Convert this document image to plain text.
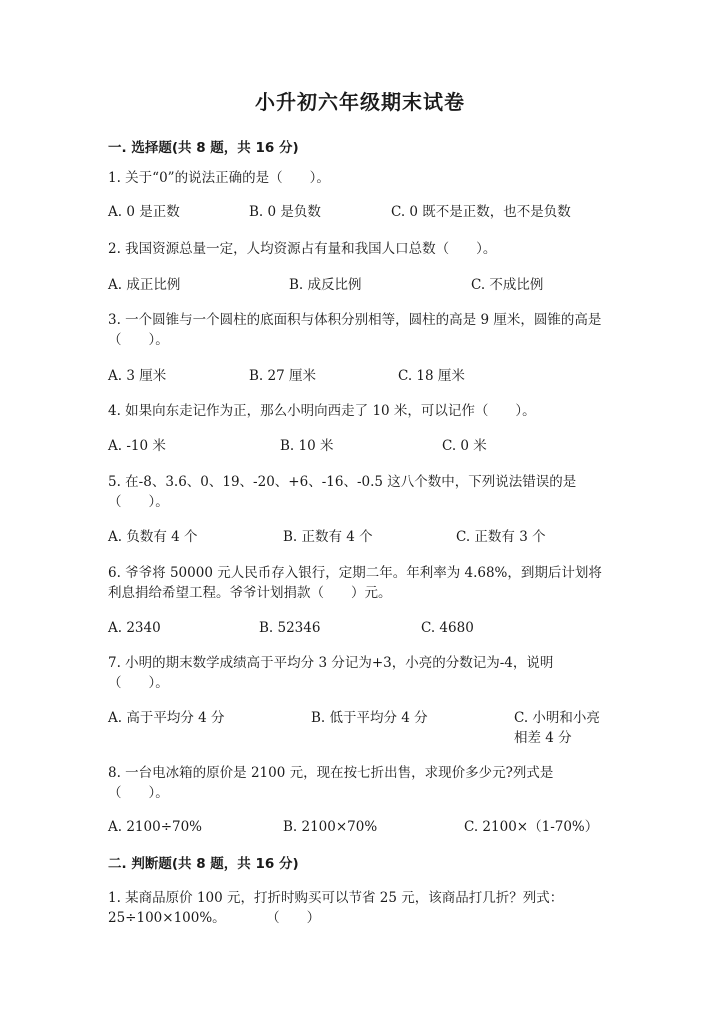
小升初六年级期末试卷
一. 选择题(共 8 题，共 16 分)
1. 关于“0”的说法正确的是（　　）。
A. 0 是正数	B. 0 是负数	C. 0 既不是正数，也不是负数
2. 我国资源总量一定，人均资源占有量和我国人口总数（　　）。
A. 成正比例	B. 成反比例	C. 不成比例
3. 一个圆锥与一个圆柱的底面积与体积分别相等，圆柱的高是 9 厘米，圆锥的高是（　　）。
A. 3 厘米	B. 27 厘米	C. 18 厘米
4. 如果向东走记作为正，那么小明向西走了 10 米，可以记作（　　）。
A. -10 米	B. 10 米	C. 0 米
5. 在-8、3.6、0、19、-20、+6、-16、-0.5 这八个数中，下列说法错误的是（　　）。
A. 负数有 4 个	B. 正数有 4 个	C. 正数有 3 个
6. 爷爷将 50000 元人民币存入银行，定期二年。年利率为 4.68%，到期后计划将利息捐给希望工程。爷爷计划捐款（　　）元。
A. 2340	B. 52346	C. 4680
7. 小明的期末数学成绩高于平均分 3 分记为+3，小亮的分数记为-4，说明（　　）。
A. 高于平均分 4 分	B. 低于平均分 4 分	C. 小明和小亮相差 4 分
8. 一台电冰箱的原价是 2100 元，现在按七折出售，求现价多少元?列式是（　　）。
A. 2100÷70%	B. 2100×70%	C. 2100×（1-70%）
二. 判断题(共 8 题，共 16 分)
1. 某商品原价 100 元，打折时购买可以节省 25 元，该商品打几折？列式：25÷100×100%。　　　　（　　）
